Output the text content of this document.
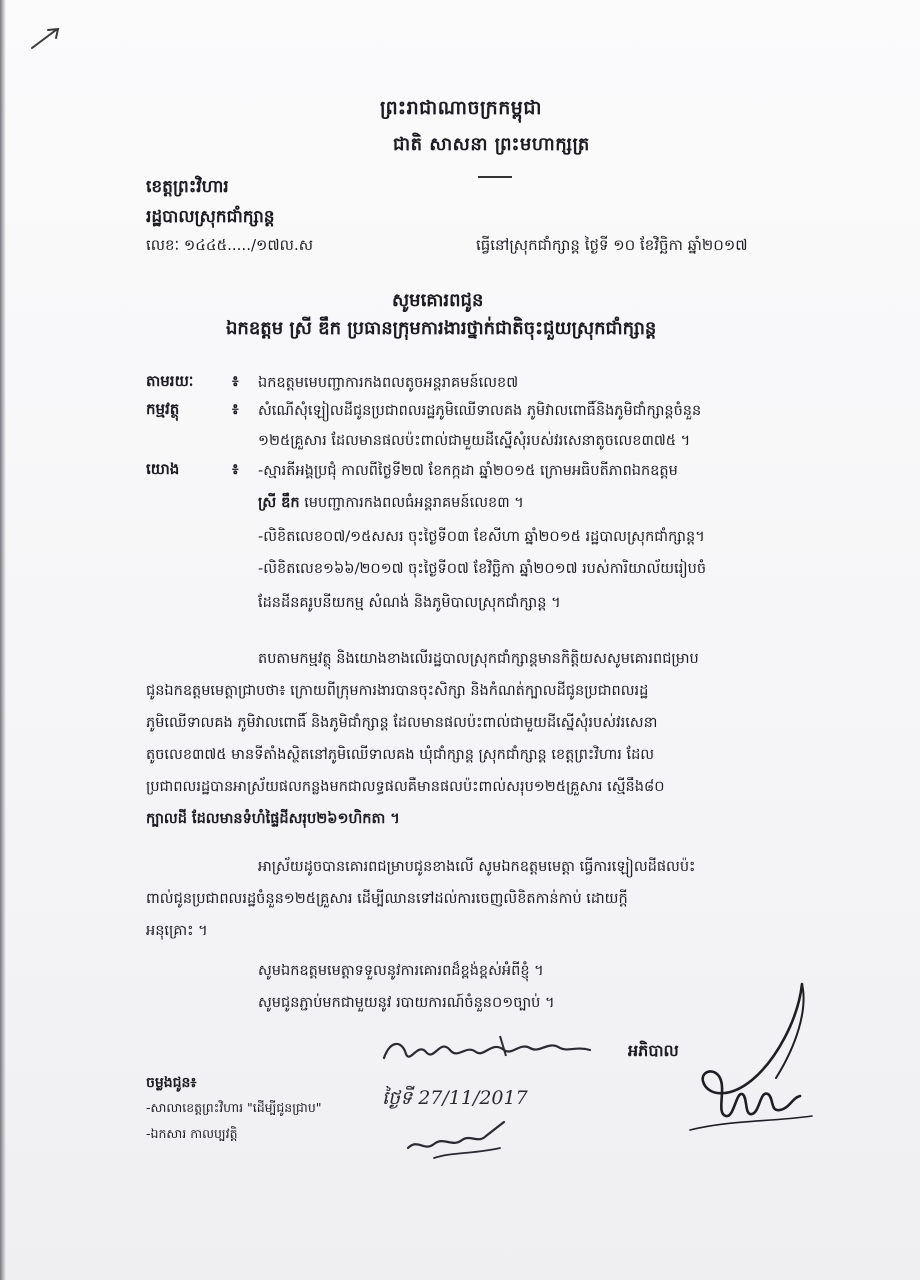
ព្រះរាជាណាចក្រកម្ពុជា
ជាតិ សាសនា ព្រះមហាក្សត្រ
ខេត្តព្រះវិហារ
រដ្ឋបាលស្រុកជាំក្សាន្ត
លេខៈ ១៤៤៥...../១៧ល.ស	ធ្វើនៅស្រុកជាំក្សាន្ត ថ្ងៃទី ១០ ខែវិច្ឆិកា ឆ្នាំ២០១៧
សូមគោរពជូន
ឯកឧត្តម ស្រី ឌឹក ប្រធានក្រុមការងារថ្នាក់ជាតិចុះជួយស្រុកជាំក្សាន្ត
តាមរយៈ	៖ ឯកឧត្តមមេបញ្ជាការកងពលតូចអន្តរាគមន៍លេខ៧
កម្មវត្ថុ	៖ សំណើសុំឡៀលដីជូនប្រជាពលរដ្ឋភូមិឈើទាលគង ភូមិវាលពោធិ៍និងភូមិជាំក្សាន្តចំនួន
១២៥គ្រួសារ ដែលមានផលប៉ះពាល់ជាមួយដីស្នើសុំរបស់វរសេនាតូចលេខ៣៧៥ ។
យោង	៖ -ស្មារតីអង្គប្រជុំ កាលពីថ្ងៃទី២៧ ខែកក្កដា ឆ្នាំ២០១៥ ក្រោមអធិបតីភាពឯកឧត្តម
ស្រី ឌឹក មេបញ្ជាការកងពលធំអន្តរាគមន៍លេខ៣ ។
-លិខិតលេខ០៧/១៥សសរ ចុះថ្ងៃទី០៣ ខែសីហា ឆ្នាំ២០១៥ រដ្ឋបាលស្រុកជាំក្សាន្ត។
-លិខិតលេខ១៦៦/២០១៧ ចុះថ្ងៃទី០៧ ខែវិច្ឆិកា ឆ្នាំ២០១៧ របស់ការិយាល័យរៀបចំ
ដែនដីនគរូបនីយកម្ម សំណង់ និងភូមិបាលស្រុកជាំក្សាន្ត ។
តបតាមកម្មវត្ថុ និងយោងខាងលើរដ្ឋបាលស្រុកជាំក្សាន្តមានកិត្តិយសសូមគោរពជម្រាប
ជូនឯកឧត្តមមេត្តាជ្រាបថា៖ ក្រោយពីក្រុមការងារបានចុះសិក្សា និងកំណត់ក្បាលដីជូនប្រជាពលរដ្ឋ
ភូមិឈើទាលគង ភូមិវាលពោធិ៍ និងភូមិជាំក្សាន្ត ដែលមានផលប៉ះពាល់ជាមួយដីស្នើសុំរបស់វរសេនា
តូចលេខ៣៧៥ មានទីតាំងស្ថិតនៅភូមិឈើទាលគង ឃុំជាំក្សាន្ត ស្រុកជាំក្សាន្ត ខេត្តព្រះវិហារ ដែល
ប្រជាពលរដ្ឋបានអាស្រ័យផលកន្លងមកជាលទ្ធផលគឺមានផលប៉ះពាល់សរុប១២៥គ្រួសារ ស្មើនឹង៨០
ក្បាលដី ដែលមានទំហំផ្ទៃដីសរុប២៦១ហិកតា ។
អាស្រ័យដូចបានគោរពជម្រាបជូនខាងលើ សូមឯកឧត្តមមេត្តា ធ្វើការឡៀលដីផលប៉ះ
ពាល់ជូនប្រជាពលរដ្ឋចំនួន១២៥គ្រួសារ ដើម្បីឈានទៅដល់ការចេញលិខិតកាន់កាប់ ដោយក្តី
អនុគ្រោះ ។
សូមឯកឧត្តមមេត្តាទទួលនូវការគោរពដ៏ខ្ពង់ខ្ពស់អំពីខ្ញុំ ។
សូមជូនភ្ជាប់មកជាមួយនូវ របាយការណ៍ចំនួន០១ច្បាប់ ។
ចម្លងជូន៖
-សាលាខេត្តព្រះវិហារ "ដើម្បីជូនជ្រាប"
-ឯកសារ កាលប្បវត្តិ
អភិបាល
ថ្ងៃទី 27/11/2017
